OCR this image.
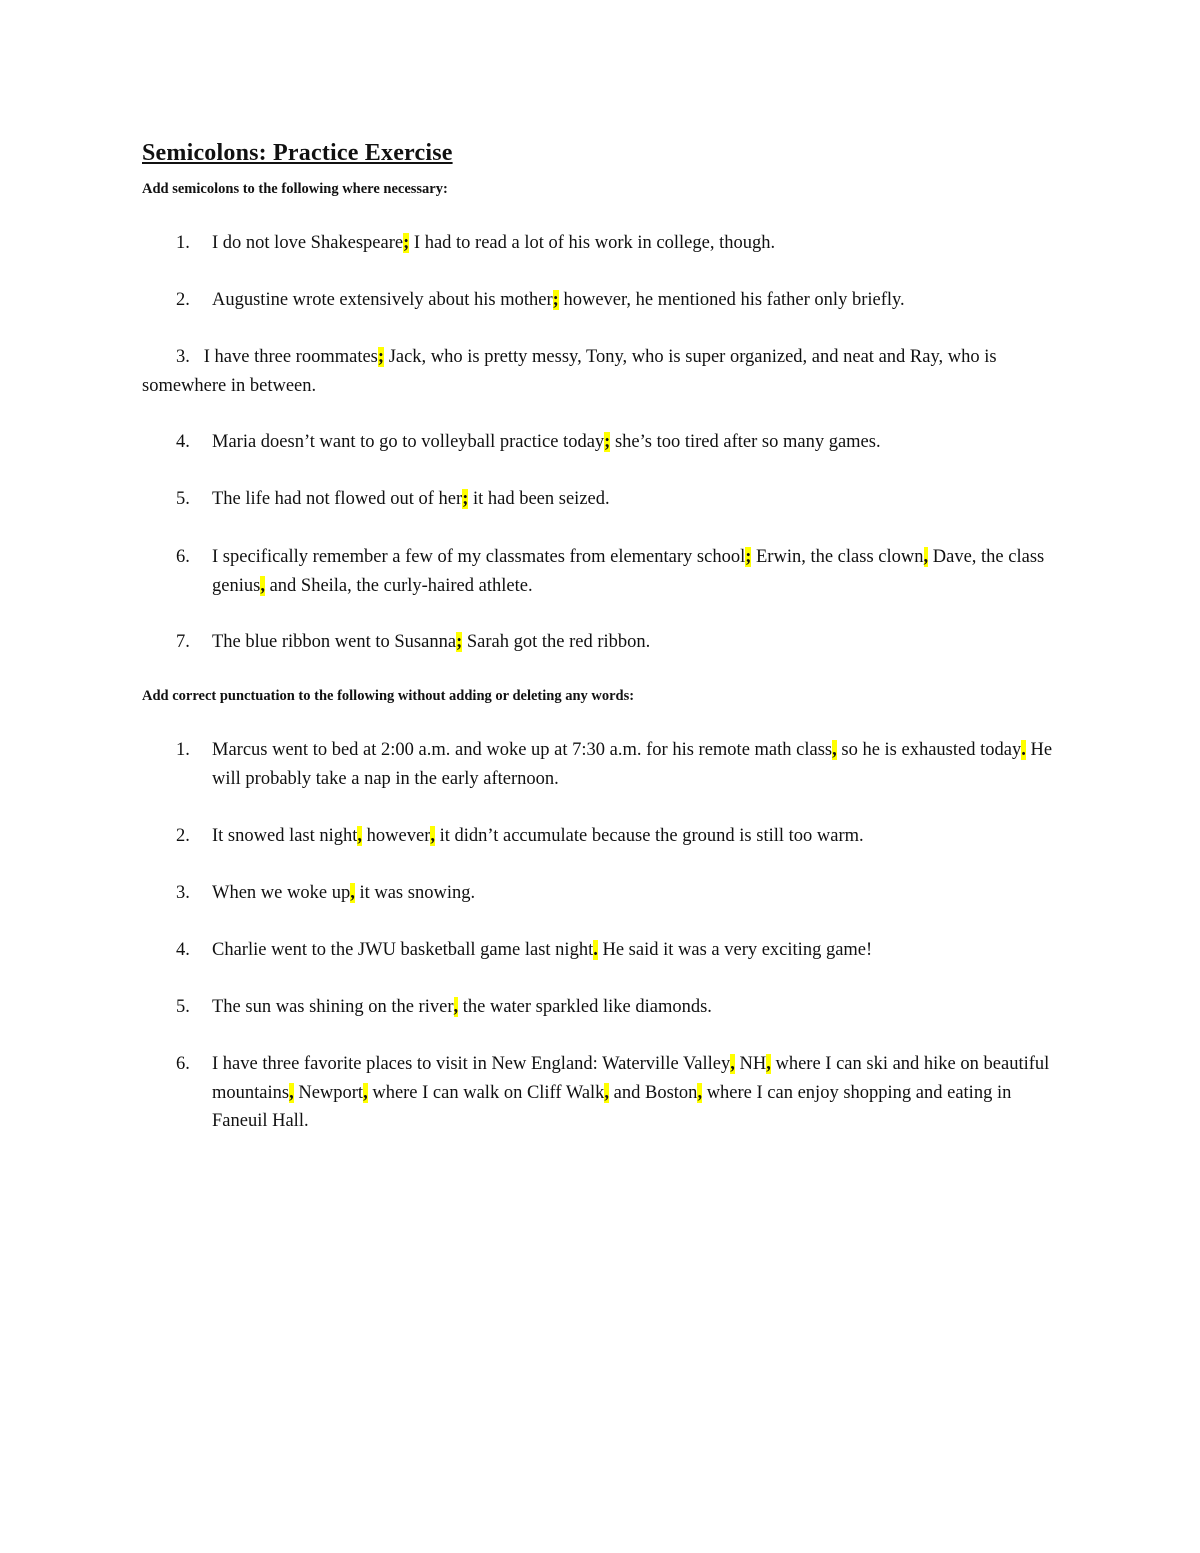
Semicolons: Practice Exercise

Add semicolons to the following where necessary:

1. I do not love Shakespeare; I had to read a lot of his work in college, though.
2. Augustine wrote extensively about his mother; however, he mentioned his father only briefly.
3. I have three roommates; Jack, who is pretty messy, Tony, who is super organized, and neat and Ray, who is somewhere in between.
4. Maria doesn’t want to go to volleyball practice today; she’s too tired after so many games.
5. The life had not flowed out of her; it had been seized.
6. I specifically remember a few of my classmates from elementary school; Erwin, the class clown, Dave, the class genius, and Sheila, the curly-haired athlete.
7. The blue ribbon went to Susanna; Sarah got the red ribbon.

Add correct punctuation to the following without adding or deleting any words:

1. Marcus went to bed at 2:00 a.m. and woke up at 7:30 a.m. for his remote math class, so he is exhausted today. He will probably take a nap in the early afternoon.
2. It snowed last night, however, it didn’t accumulate because the ground is still too warm.
3. When we woke up, it was snowing.
4. Charlie went to the JWU basketball game last night. He said it was a very exciting game!
5. The sun was shining on the river, the water sparkled like diamonds.
6. I have three favorite places to visit in New England: Waterville Valley, NH, where I can ski and hike on beautiful mountains, Newport, where I can walk on Cliff Walk, and Boston, where I can enjoy shopping and eating in Faneuil Hall.
